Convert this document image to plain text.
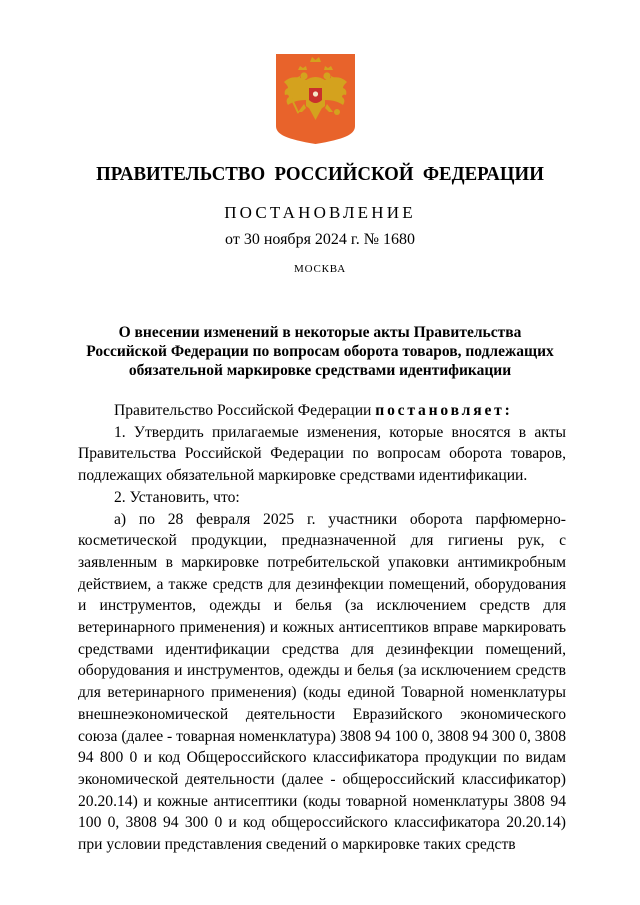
ПРАВИТЕЛЬСТВО РОССИЙСКОЙ ФЕДЕРАЦИИ
ПОСТАНОВЛЕНИЕ
от 30 ноября 2024 г. № 1680
МОСКВА
О внесении изменений в некоторые акты Правительства
Российской Федерации по вопросам оборота товаров, подлежащих
обязательной маркировке средствами идентификации

Правительство Российской Федерации постановляет:

1. Утвердить прилагаемые изменения, которые вносятся в акты Правительства Российской Федерации по вопросам оборота товаров, подлежащих обязательной маркировке средствами идентификации.

2. Установить, что:

а) по 28 февраля 2025 г. участники оборота парфюмерно-косметической продукции, предназначенной для гигиены рук, с заявленным в маркировке потребительской упаковки антимикробным действием, а также средств для дезинфекции помещений, оборудования и инструментов, одежды и белья (за исключением средств для ветеринарного применения) и кожных антисептиков вправе маркировать средствами идентификации средства для дезинфекции помещений, оборудования и инструментов, одежды и белья (за исключением средств для ветеринарного применения) (коды единой Товарной номенклатуры внешнеэкономической деятельности Евразийского экономического союза (далее - товарная номенклатура) 3808 94 100 0, 3808 94 300 0, 3808 94 800 0 и код Общероссийского классификатора продукции по видам экономической деятельности (далее - общероссийский классификатор) 20.20.14) и кожные антисептики (коды товарной номенклатуры 3808 94 100 0, 3808 94 300 0 и код общероссийского классификатора 20.20.14) при условии представления сведений о маркировке таких средств
